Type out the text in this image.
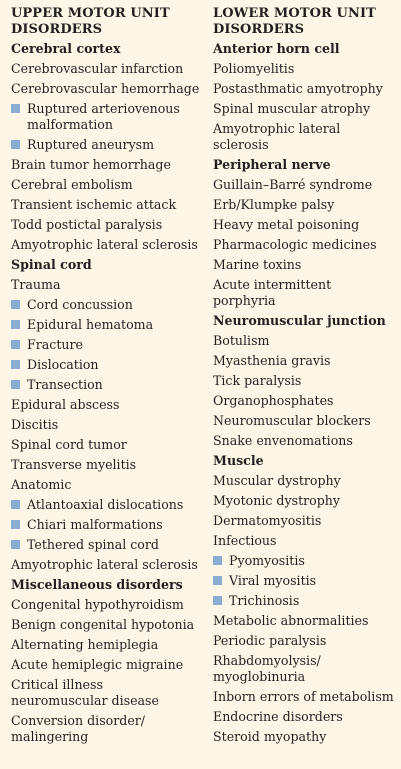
UPPER MOTOR UNIT DISORDERS
Cerebral cortex
Cerebrovascular infarction
Cerebrovascular hemorrhage
Ruptured arteriovenous malformation
Ruptured aneurysm
Brain tumor hemorrhage
Cerebral embolism
Transient ischemic attack
Todd postictal paralysis
Amyotrophic lateral sclerosis
Spinal cord
Trauma
Cord concussion
Epidural hematoma
Fracture
Dislocation
Transection
Epidural abscess
Discitis
Spinal cord tumor
Transverse myelitis
Anatomic
Atlantoaxial dislocations
Chiari malformations
Tethered spinal cord
Amyotrophic lateral sclerosis
Miscellaneous disorders
Congenital hypothyroidism
Benign congenital hypotonia
Alternating hemiplegia
Acute hemiplegic migraine
Critical illness neuromuscular disease
Conversion disorder/ malingering
LOWER MOTOR UNIT DISORDERS
Anterior horn cell
Poliomyelitis
Postasthmatic amyotrophy
Spinal muscular atrophy
Amyotrophic lateral sclerosis
Peripheral nerve
Guillain–Barré syndrome
Erb/Klumpke palsy
Heavy metal poisoning
Pharmacologic medicines
Marine toxins
Acute intermittent porphyria
Neuromuscular junction
Botulism
Myasthenia gravis
Tick paralysis
Organophosphates
Neuromuscular blockers
Snake envenomations
Muscle
Muscular dystrophy
Myotonic dystrophy
Dermatomyositis
Infectious
Pyomyositis
Viral myositis
Trichinosis
Metabolic abnormalities
Periodic paralysis
Rhabdomyolysis/ myoglobinuria
Inborn errors of metabolism
Endocrine disorders
Steroid myopathy
